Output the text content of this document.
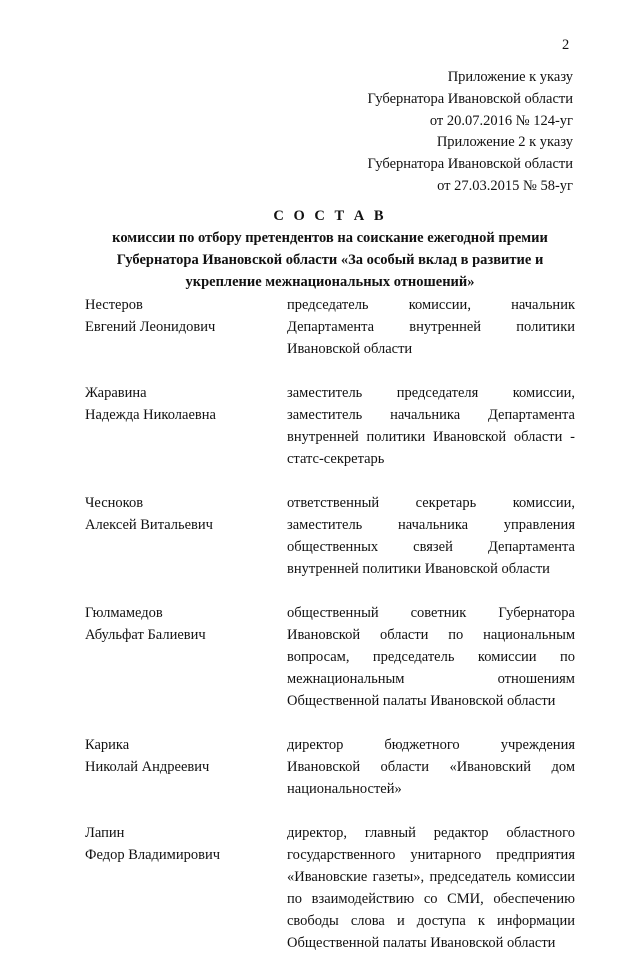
2
Приложение к указу
Губернатора Ивановской области
от 20.07.2016 № 124-уг
Приложение 2 к указу
Губернатора Ивановской области
от 27.03.2015 № 58-уг
С О С Т А В
комиссии по отбору претендентов на соискание ежегодной премии
Губернатора Ивановской области «За особый вклад в развитие и
укрепление межнациональных отношений»
Нестеров
Евгений Леонидович
председатель комиссии, начальник Департамента внутренней политики Ивановской области
Жаравина
Надежда Николаевна
заместитель председателя комиссии, заместитель начальника Департамента внутренней политики Ивановской области - статс-секретарь
Чесноков
Алексей Витальевич
ответственный секретарь комиссии, заместитель начальника управления общественных связей Департамента внутренней политики Ивановской области
Гюлмамедов
Абульфат Балиевич
общественный советник Губернатора Ивановской области по национальным вопросам, председатель комиссии по межнациональным отношениям Общественной палаты Ивановской области
Карика
Николай Андреевич
директор бюджетного учреждения Ивановской области «Ивановский дом национальностей»
Лапин
Федор Владимирович
директор, главный редактор областного государственного унитарного предприятия «Ивановские газеты», председатель комиссии по взаимодействию со СМИ, обеспечению свободы слова и доступа к информации Общественной палаты Ивановской области
